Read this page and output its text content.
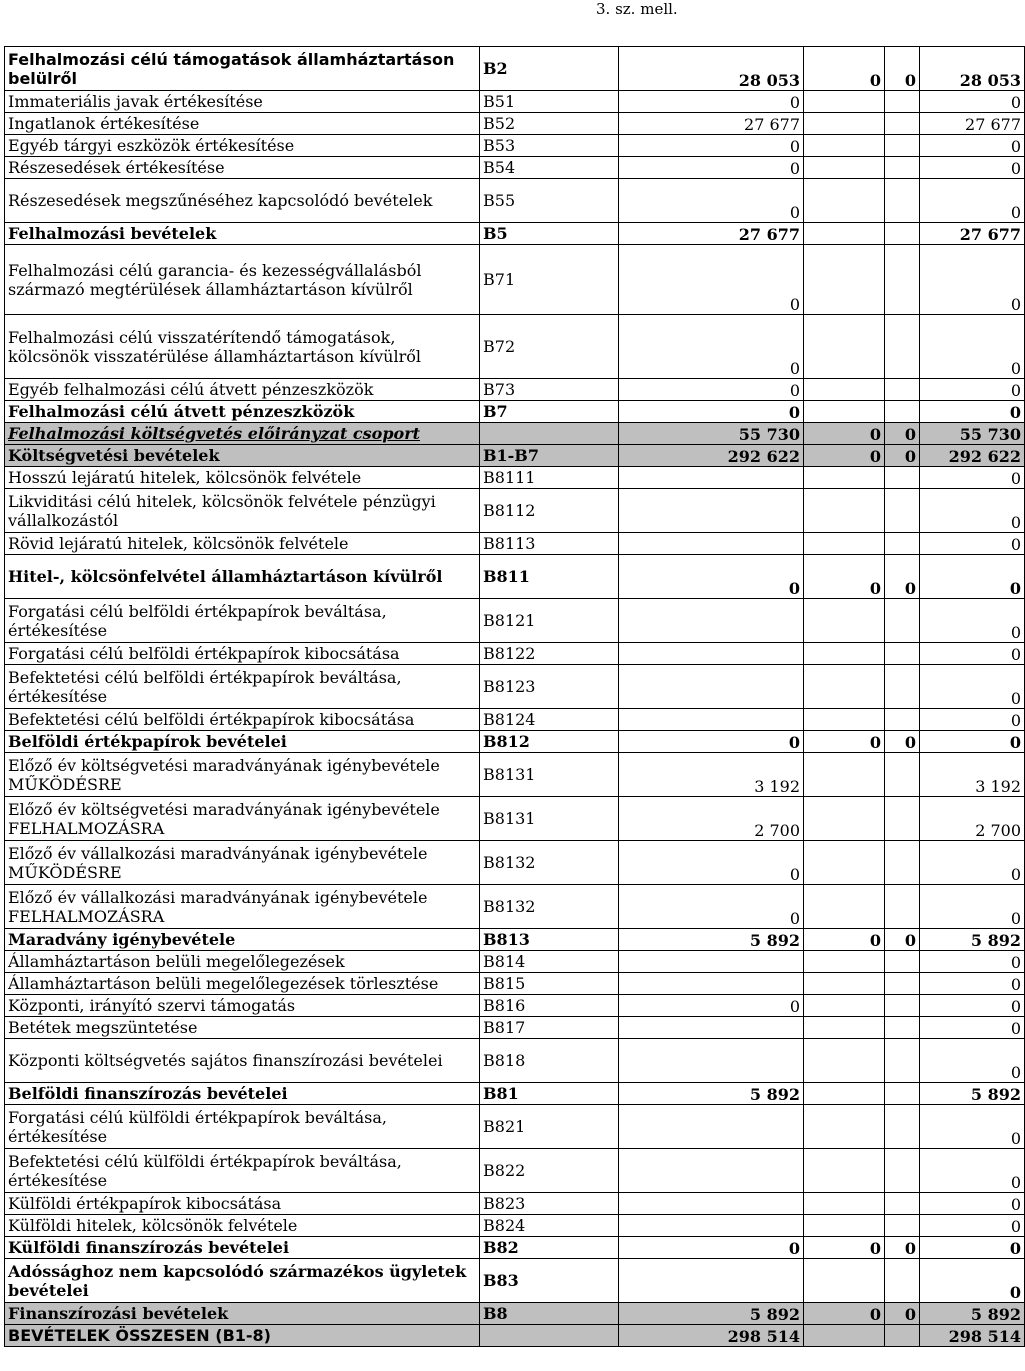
3. sz. mell.
Felhalmozási célú támogatások államháztartáson belülről	B2	28 053	0	0	28 053
Immateriális javak értékesítése	B51	0			0
Ingatlanok értékesítése	B52	27 677			27 677
Egyéb tárgyi eszközök értékesítése	B53	0			0
Részesedések értékesítése	B54	0			0
Részesedések megszűnéséhez kapcsolódó bevételek	B55	0			0
Felhalmozási bevételek	B5	27 677			27 677
Felhalmozási célú garancia- és kezességvállalásból származó megtérülések államháztartáson kívülről	B71	0			0
Felhalmozási célú visszatérítendő támogatások, kölcsönök visszatérülése államháztartáson kívülről	B72	0			0
Egyéb felhalmozási célú átvett pénzeszközök	B73	0			0
Felhalmozási célú átvett pénzeszközök	B7	0			0
Felhalmozási költségvetés előirányzat csoport		55 730	0	0	55 730
Költségvetési bevételek	B1-B7	292 622	0	0	292 622
Hosszú lejáratú hitelek, kölcsönök felvétele	B8111				0
Likviditási célú hitelek, kölcsönök felvétele pénzügyi vállalkozástól	B8112				0
Rövid lejáratú hitelek, kölcsönök felvétele	B8113				0
Hitel-, kölcsönfelvétel államháztartáson kívülről	B811	0	0	0	0
Forgatási célú belföldi értékpapírok beváltása, értékesítése	B8121				0
Forgatási célú belföldi értékpapírok kibocsátása	B8122				0
Befektetési célú belföldi értékpapírok beváltása, értékesítése	B8123				0
Befektetési célú belföldi értékpapírok kibocsátása	B8124				0
Belföldi értékpapírok bevételei	B812	0	0	0	0
Előző év költségvetési maradványának igénybevétele MŰKÖDÉSRE	B8131	3 192			3 192
Előző év költségvetési maradványának igénybevétele FELHALMOZÁSRA	B8131	2 700			2 700
Előző év vállalkozási maradványának igénybevétele MŰKÖDÉSRE	B8132	0			0
Előző év vállalkozási maradványának igénybevétele FELHALMOZÁSRA	B8132	0			0
Maradvány igénybevétele	B813	5 892	0	0	5 892
Államháztartáson belüli megelőlegezések	B814				0
Államháztartáson belüli megelőlegezések törlesztése	B815				0
Központi, irányító szervi támogatás	B816	0			0
Betétek megszüntetése	B817				0
Központi költségvetés sajátos finanszírozási bevételei	B818				0
Belföldi finanszírozás bevételei	B81	5 892			5 892
Forgatási célú külföldi értékpapírok beváltása, értékesítése	B821				0
Befektetési célú külföldi értékpapírok beváltása, értékesítése	B822				0
Külföldi értékpapírok kibocsátása	B823				0
Külföldi hitelek, kölcsönök felvétele	B824				0
Külföldi finanszírozás bevételei	B82	0	0	0	0
Adóssághoz nem kapcsolódó származékos ügyletek bevételei	B83				0
Finanszírozási bevételek	B8	5 892	0	0	5 892
BEVÉTELEK ÖSSZESEN (B1-8)		298 514			298 514
